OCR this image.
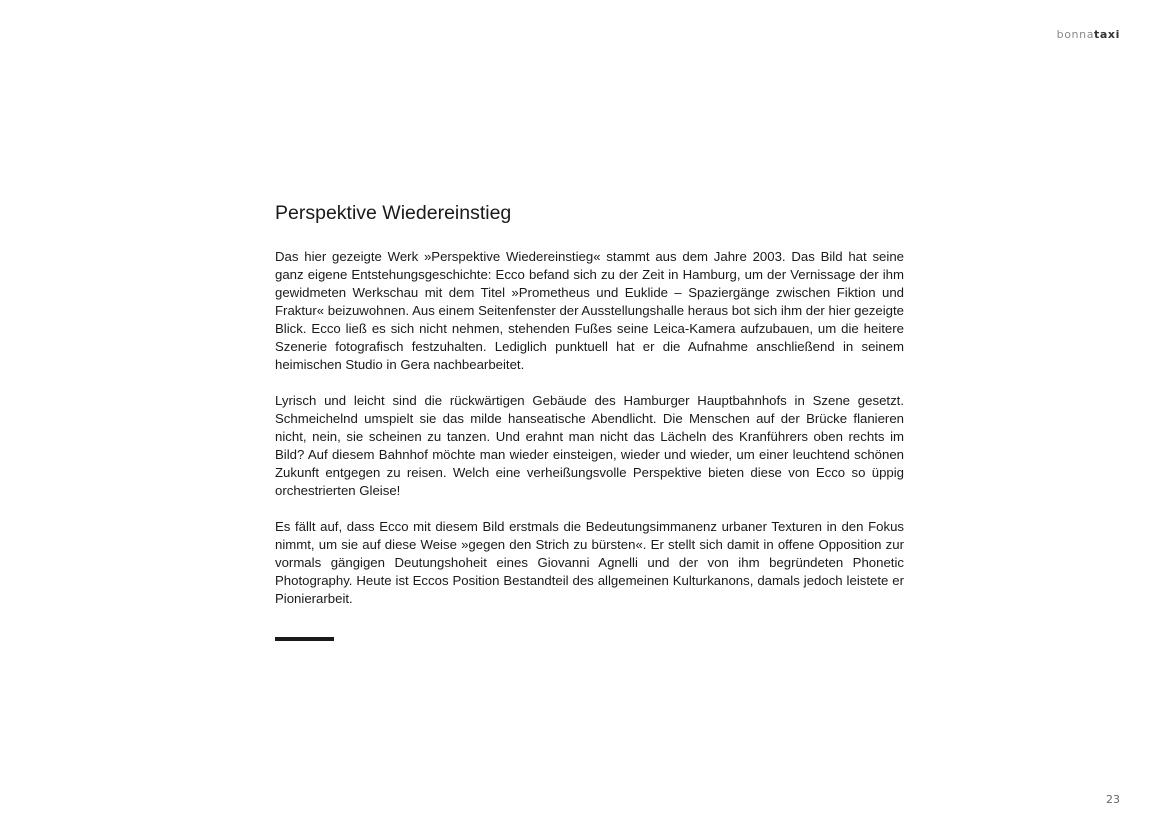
bonnataxi
Perspektive Wiedereinstieg

Das hier gezeigte Werk »Perspektive Wiedereinstieg« stammt aus dem Jahre 2003. Das Bild hat seine ganz eigene Entstehungsgeschichte: Ecco befand sich zu der Zeit in Hamburg, um der Vernissage der ihm gewidmeten Werkschau mit dem Titel »Prometheus und Euklide – Spaziergänge zwischen Fiktion und Fraktur« beizuwohnen. Aus einem Seitenfenster der Ausstellungshalle heraus bot sich ihm der hier gezeigte Blick. Ecco ließ es sich nicht nehmen, stehenden Fußes seine Leica-Kamera aufzubauen, um die heitere Szenerie fotografisch festzuhalten. Lediglich punktuell hat er die Aufnahme anschließend in seinem heimischen Studio in Gera nachbearbeitet.

Lyrisch und leicht sind die rückwärtigen Gebäude des Hamburger Hauptbahnhofs in Szene gesetzt. Schmeichelnd umspielt sie das milde hanseatische Abendlicht. Die Menschen auf der Brücke flanieren nicht, nein, sie scheinen zu tanzen. Und erahnt man nicht das Lächeln des Kranführers oben rechts im Bild? Auf diesem Bahnhof möchte man wieder einsteigen, wieder und wieder, um einer leuchtend schönen Zukunft entgegen zu reisen. Welch eine verheißungsvolle Perspektive bieten diese von Ecco so üppig orchestrierten Gleise!

Es fällt auf, dass Ecco mit diesem Bild erstmals die Bedeutungsimmanenz urbaner Texturen in den Fokus nimmt, um sie auf diese Weise »gegen den Strich zu bürsten«. Er stellt sich damit in offene Opposition zur vormals gängigen Deutungshoheit eines Giovanni Agnelli und der von ihm begründeten Phonetic Photography. Heute ist Eccos Position Bestandteil des allgemeinen Kulturkanons, damals jedoch leistete er Pionierarbeit.

23
